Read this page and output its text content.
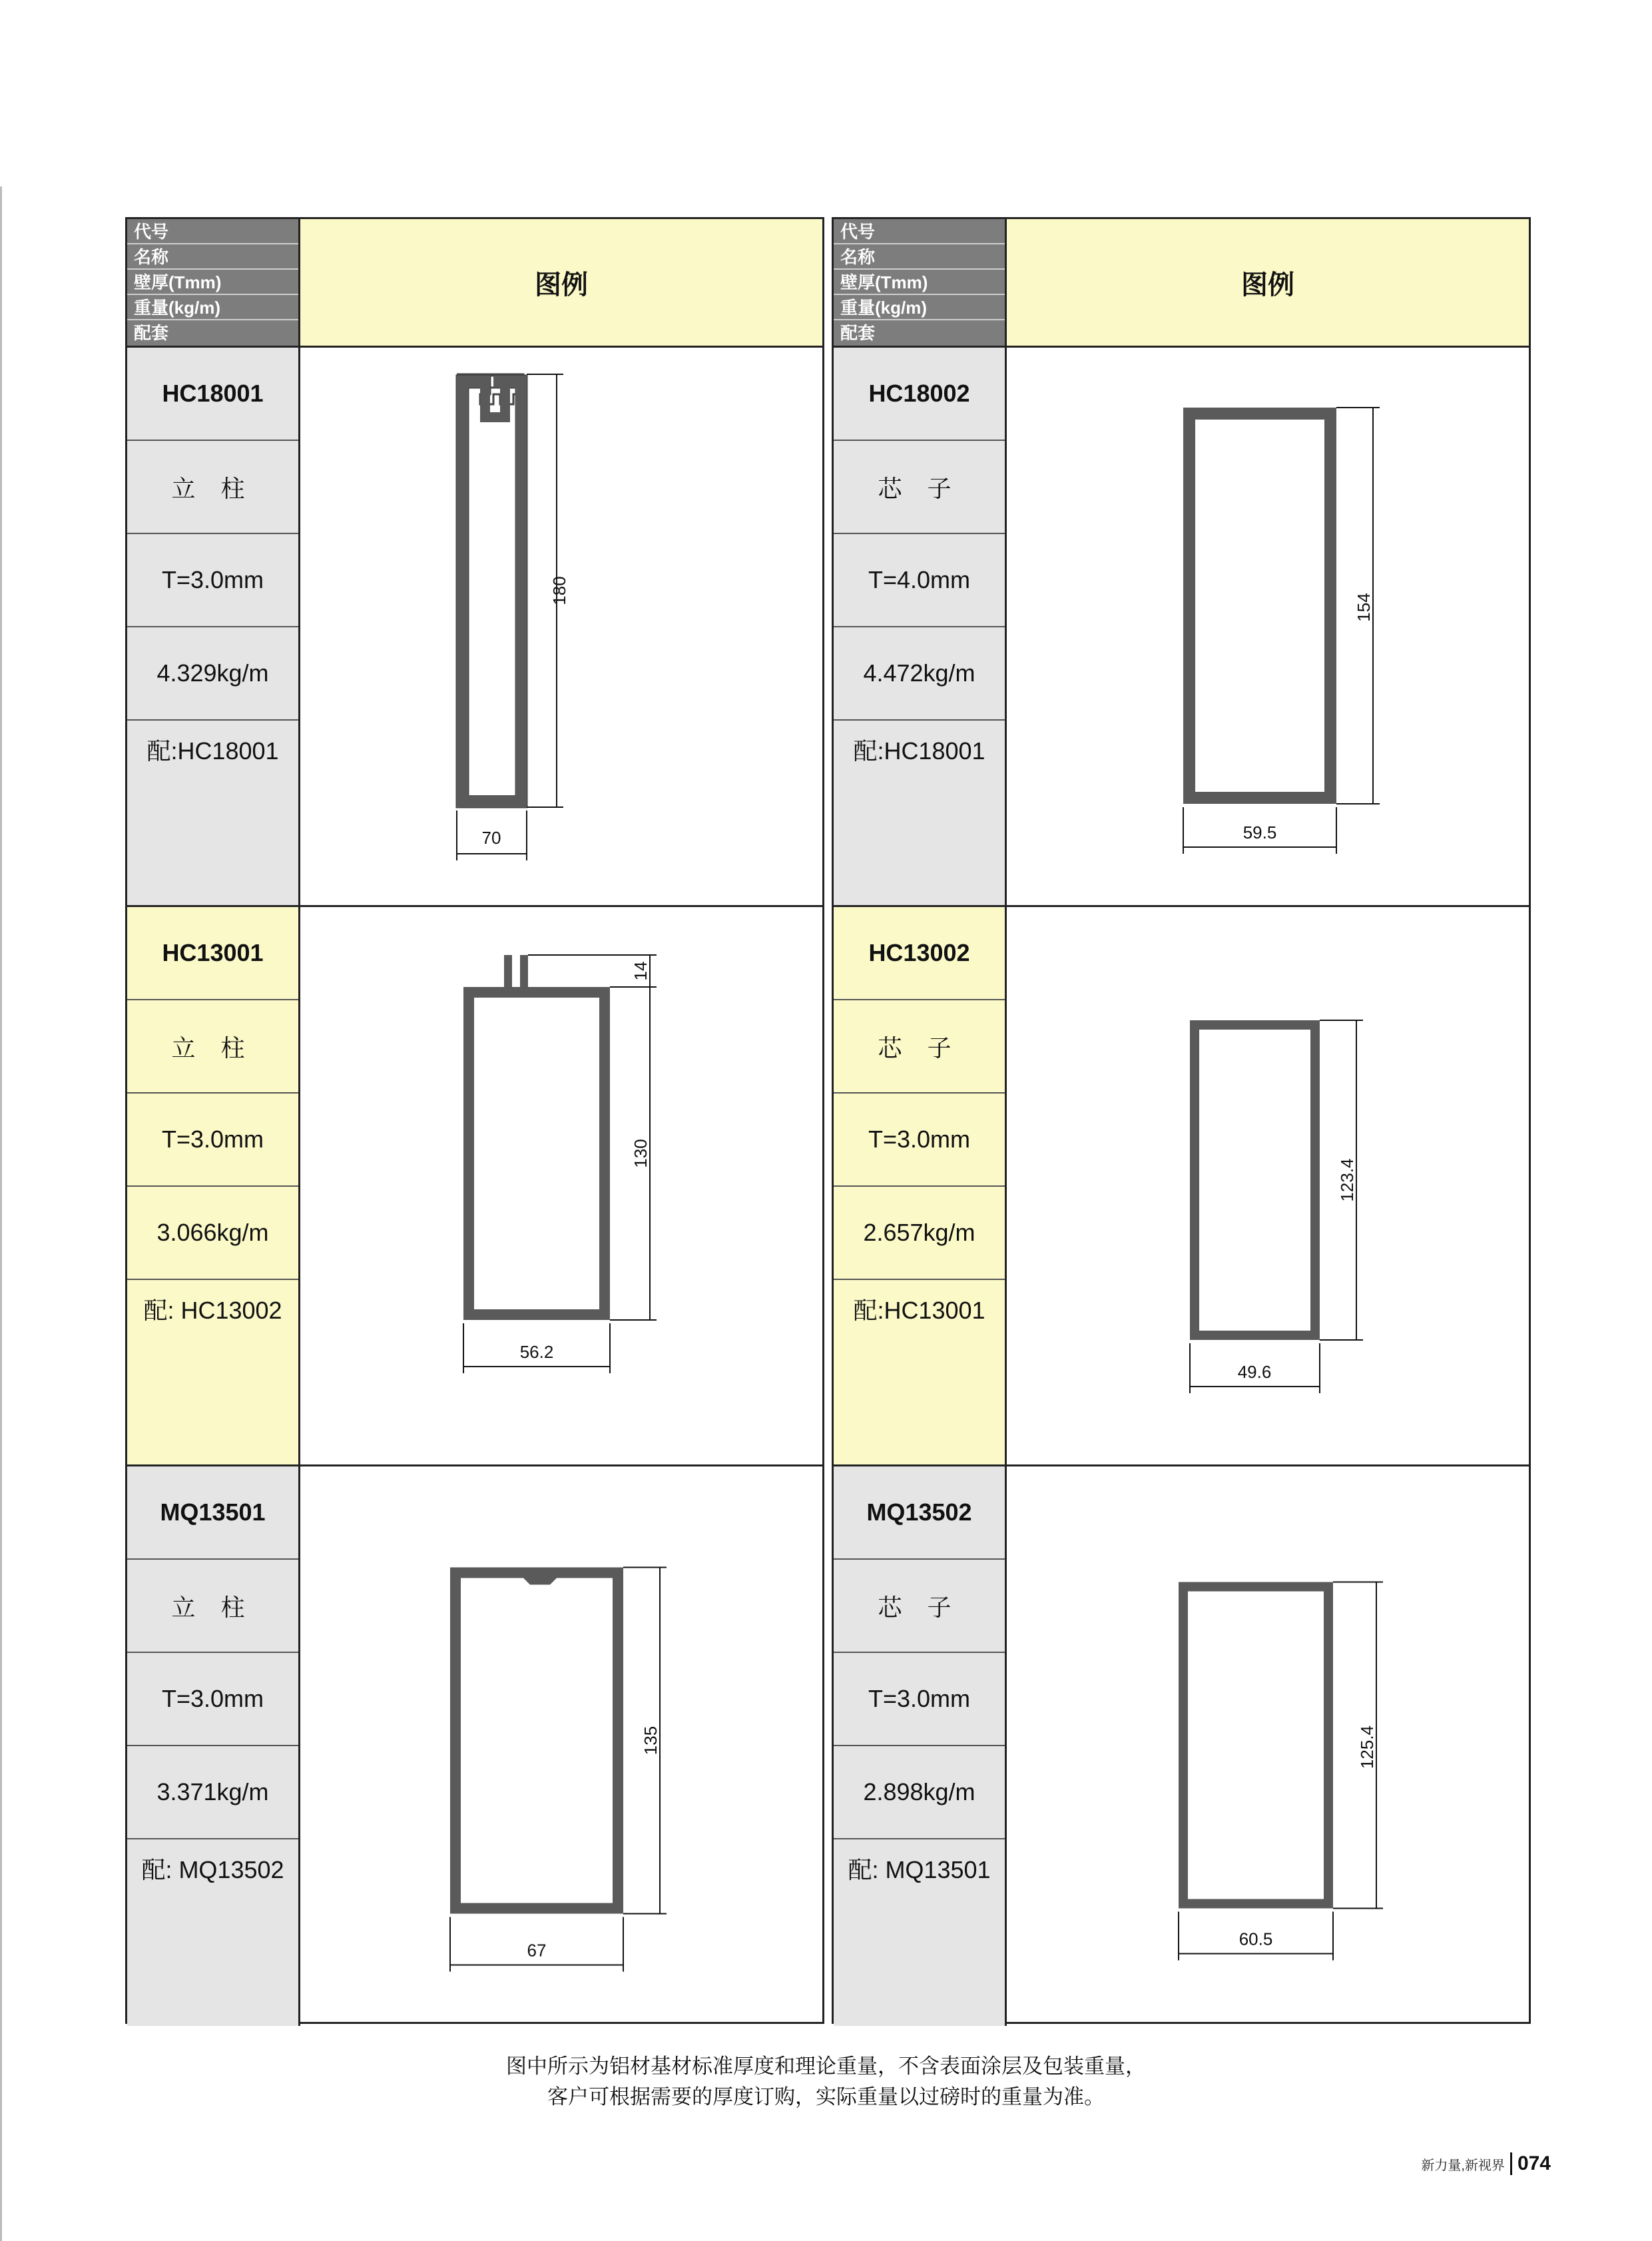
代号
名称
壁厚(Tmm)
重量(kg/m)
配套
图例
HC18001
立 柱
T=3.0mm
4.329kg/m
配:HC18001
180
70
HC13001
立 柱
T=3.0mm
3.066kg/m
配: HC13002
14
130
56.2
MQ13501
立 柱
T=3.0mm
3.371kg/m
配: MQ13502
135
67
代号
名称
壁厚(Tmm)
重量(kg/m)
配套
图例
HC18002
芯 子
T=4.0mm
4.472kg/m
配:HC18001
154
59.5
HC13002
芯 子
T=3.0mm
2.657kg/m
配:HC13001
123.4
49.6
MQ13502
芯 子
T=3.0mm
2.898kg/m
配: MQ13501
125.4
60.5
图中所示为铝材基材标准厚度和理论重量，不含表面涂层及包装重量，
客户可根据需要的厚度订购，实际重量以过磅时的重量为准。
新力量,新视界 074
